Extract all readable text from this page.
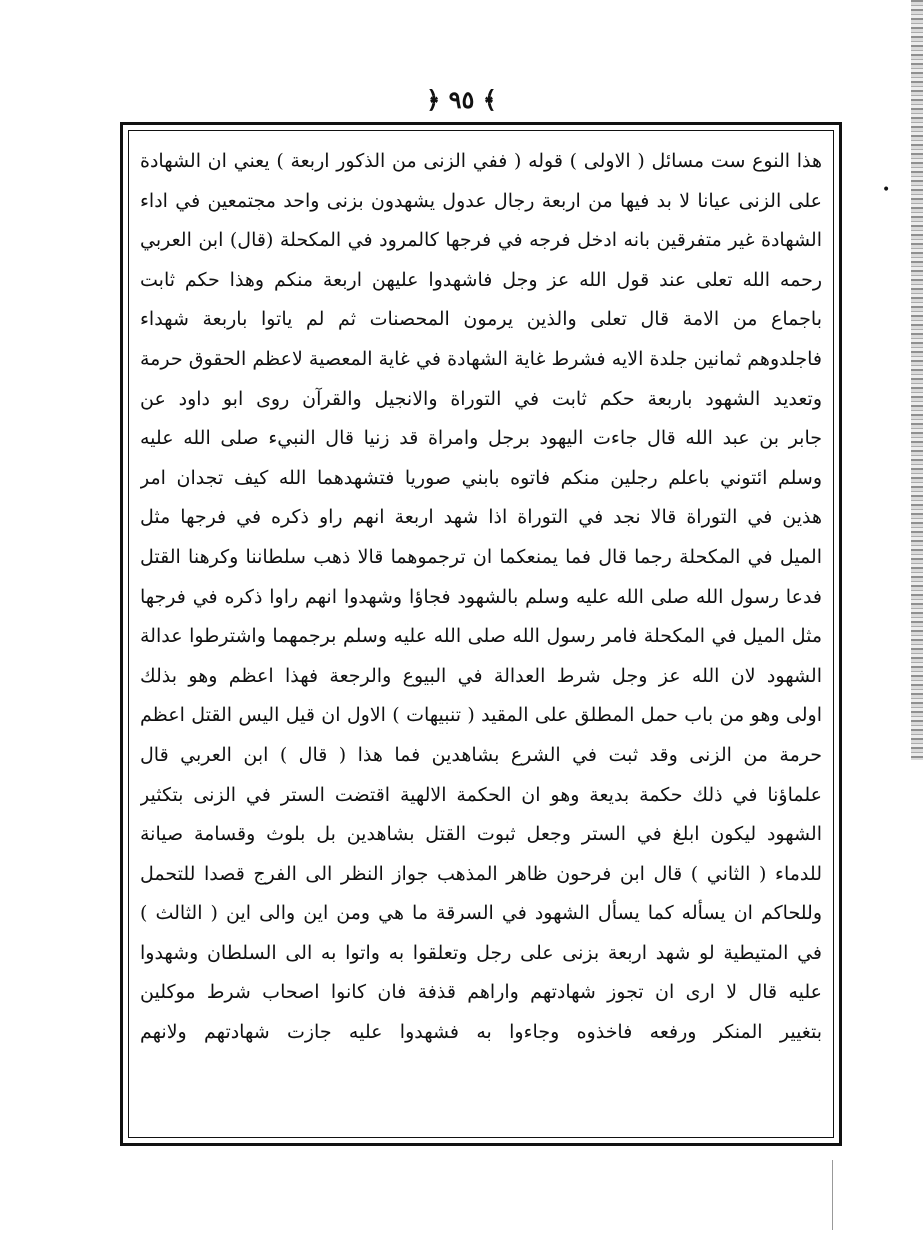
﴿ ٩٥ ﴾
•
هذا النوع ست مسائل ( الاولى ) قوله ( ففي الزنى من الذكور اربعة ) يعني ان الشهادة
على الزنى عيانا لا بد فيها من اربعة رجال عدول يشهدون بزنى واحد مجتمعين في اداء
الشهادة غير متفرقين بانه ادخل فرجه في فرجها كالمرود في المكحلة (قال) ابن العربي
رحمه الله تعلى عند قول الله عز وجل فاشهدوا عليهن اربعة منكم وهذا حكم ثابت
باجماع من الامة قال تعلى والذين يرمون المحصنات ثم لم ياتوا باربعة شهداء
فاجلدوهم ثمانين جلدة الايه فشرط غاية الشهادة في غاية المعصية لاعظم الحقوق حرمة
وتعديد الشهود باربعة حكم ثابت في التوراة والانجيل والقرآن روى ابو داود عن
جابر بن عبد الله قال جاءت اليهود برجل وامراة قد زنيا قال النبيء صلى الله عليه
وسلم ائتوني باعلم رجلين منكم فاتوه بابني صوريا فتشهدهما الله كيف تجدان امر
هذين في التوراة قالا نجد في التوراة اذا شهد اربعة انهم راو ذكره في فرجها مثل
الميل في المكحلة رجما قال فما يمنعكما ان ترجموهما قالا ذهب سلطاننا وكرهنا القتل
فدعا رسول الله صلى الله عليه وسلم بالشهود فجاؤا وشهدوا انهم راوا ذكره في فرجها
مثل الميل في المكحلة فامر رسول الله صلى الله عليه وسلم برجمهما واشترطوا عدالة
الشهود لان الله عز وجل شرط العدالة في البيوع والرجعة فهذا اعظم وهو بذلك
اولى وهو من باب حمل المطلق على المقيد ( تنبيهات ) الاول ان قيل اليس القتل اعظم
حرمة من الزنى وقد ثبت في الشرع بشاهدين فما هذا ( قال ) ابن العربي قال
علماؤنا في ذلك حكمة بديعة وهو ان الحكمة الالهية اقتضت الستر في الزنى بتكثير
الشهود ليكون ابلغ في الستر وجعل ثبوت القتل بشاهدين بل بلوث وقسامة صيانة
للدماء ( الثاني ) قال ابن فرحون ظاهر المذهب جواز النظر الى الفرج قصدا للتحمل
وللحاكم ان يسأله كما يسأل الشهود في السرقة ما هي ومن اين والى اين ( الثالث )
في المتيطية لو شهد اربعة بزنى على رجل وتعلقوا به واتوا به الى السلطان وشهدوا
عليه قال لا ارى ان تجوز شهادتهم واراهم قذفة فان كانوا اصحاب شرط موكلين
بتغيير المنكر ورفعه فاخذوه وجاءوا به فشهدوا عليه جازت شهادتهم ولانهم
